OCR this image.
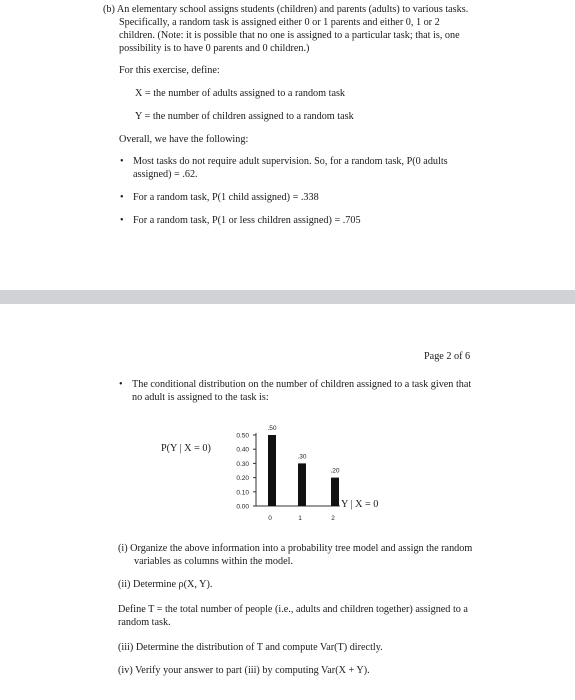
(b) An elementary school assigns students (children) and parents (adults) to various tasks.

Specifically, a random task is assigned either 0 or 1 parents and either 0, 1 or 2

children. (Note: it is possible that no one is assigned to a particular task; that is, one

possibility is to have 0 parents and 0 children.)

For this exercise, define:

X = the number of adults assigned to a random task

Y = the number of children assigned to a random task

Overall, we have the following:

• Most tasks do not require adult supervision. So, for a random task, P(0 adults

assigned) = .62.

• For a random task, P(1 child assigned) = .338

• For a random task, P(1 or less children assigned) = .705

Page 2 of 6

• The conditional distribution on the number of children assigned to a task given that

no adult is assigned to the task is:

P(Y | X = 0)
Y | X = 0
0.50
0.40
0.30
0.20
0.10
0.00
.50
0
.30
1
.20
2

(i) Organize the above information into a probability tree model and assign the random

variables as columns within the model.

(ii) Determine ρ(X, Y).

Define T = the total number of people (i.e., adults and children together) assigned to a

random task.

(iii) Determine the distribution of T and compute Var(T) directly.

(iv) Verify your answer to part (iii) by computing Var(X + Y).
